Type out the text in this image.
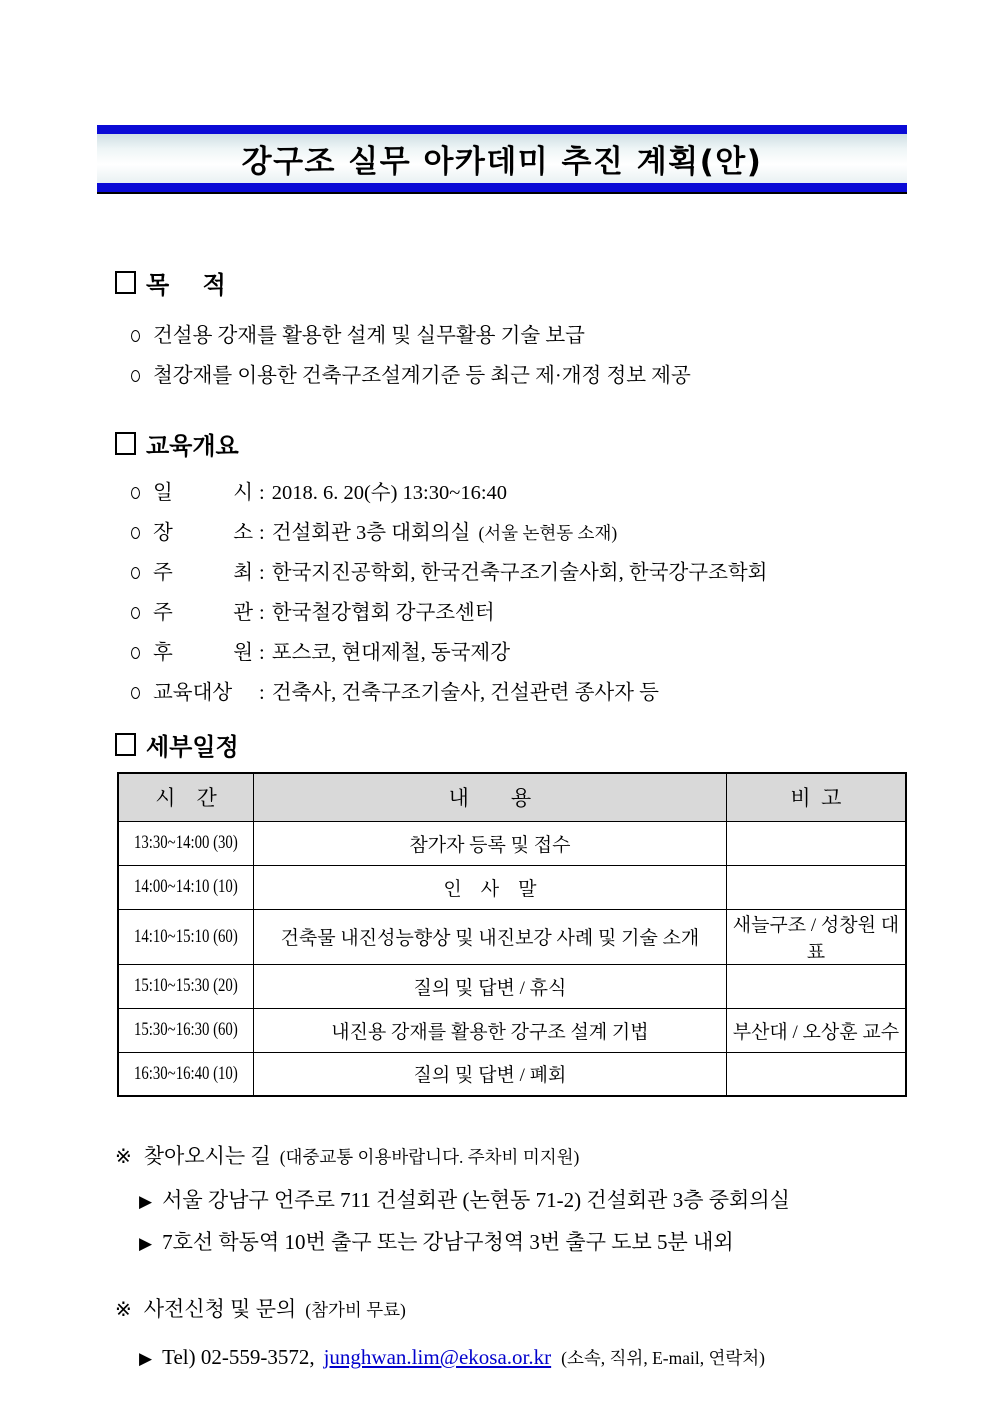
강구조 실무 아카데미 추진 계획(안)
목    적
건설용 강재를 활용한 설계 및 실무활용 기술 보급
철강재를 이용한 건축구조설계기준 등 최근 제·개정 정보 제공
교육개요
일 시 : 2018. 6. 20(수) 13:30~16:40
장 소 : 건설회관 3층 대회의실 (서울 논현동 소재)
주 최 : 한국지진공학회, 한국건축구조기술사회, 한국강구조학회
주 관 : 한국철강협회 강구조센터
후 원 : 포스코, 현대제철, 동국제강
교육대상	: 건축사, 건축구조기술사, 건설관련 종사자 등
세부일정
시    간	내        용	비  고
13:30~14:00 (30)	참가자 등록 및 접수	
14:00~14:10 (10)	인    사    말	
14:10~15:10 (60)	건축물 내진성능향상 및 내진보강 사례 및 기술 소개	새늘구조 / 성창원 대표
15:10~15:30 (20)	질의 및 답변 / 휴식	
15:30~16:30 (60)	내진용 강재를 활용한 강구조 설계 기법	부산대 / 오상훈 교수
16:30~16:40 (10)	질의 및 답변 / 폐회	
※ 찾아오시는 길 (대중교통 이용바랍니다. 주차비 미지원)
▶ 서울 강남구 언주로 711 건설회관 (논현동 71-2) 건설회관 3층 중회의실
▶ 7호선 학동역 10번 출구 또는 강남구청역 3번 출구 도보 5분 내외
※ 사전신청 및 문의 (참가비 무료)
▶ Tel) 02-559-3572, junghwan.lim@ekosa.or.kr (소속, 직위, E-mail, 연락처)
